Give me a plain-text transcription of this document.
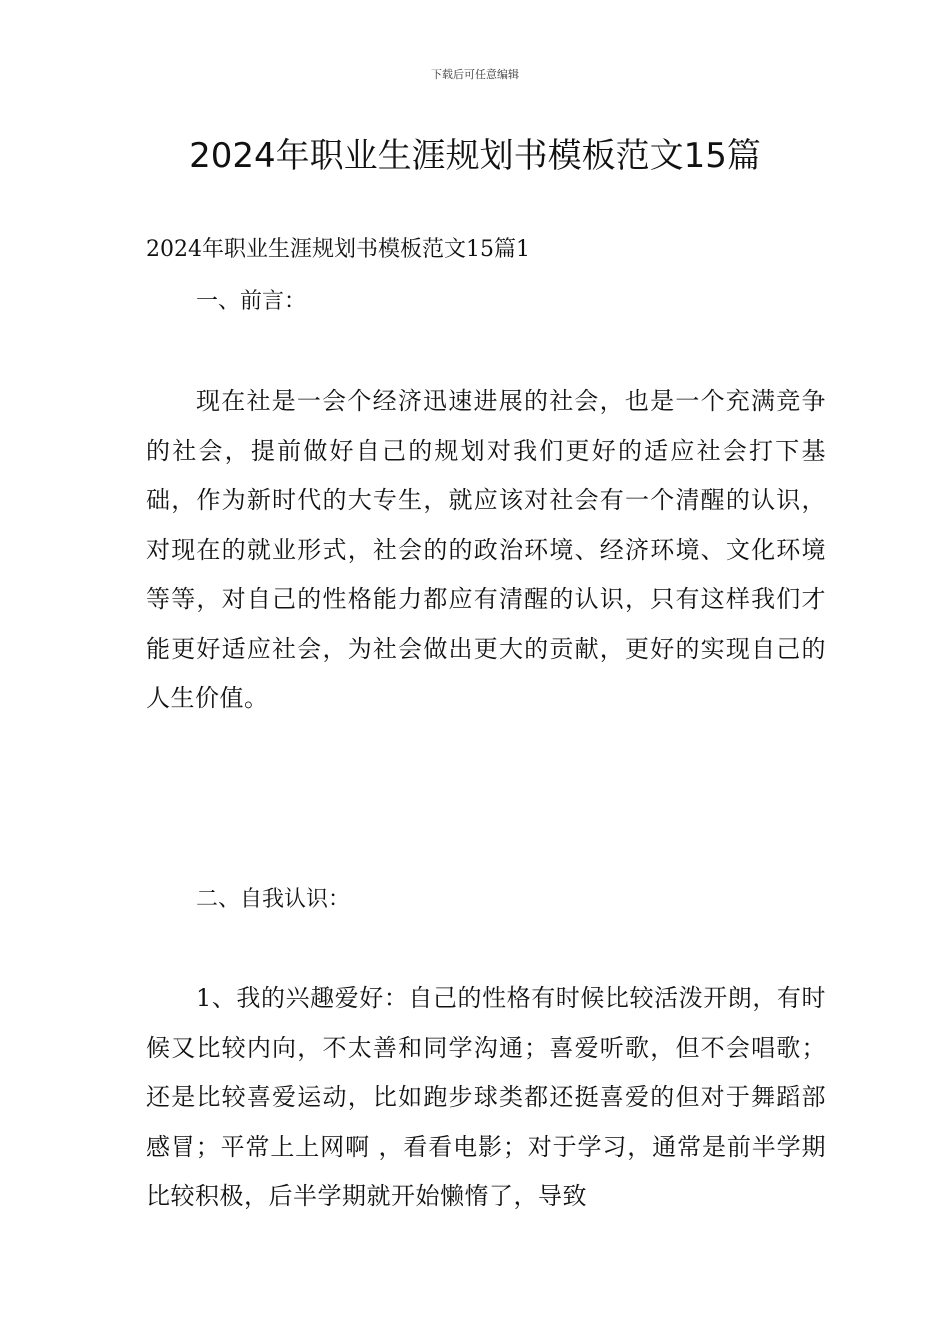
下载后可任意编辑
2024年职业生涯规划书模板范文15篇

2024年职业生涯规划书模板范文15篇1

一、前言：

现在社是一会个经济迅速进展的社会，也是一个充满竞争的社会，提前做好自己的规划对我们更好的适应社会打下基础，作为新时代的大专生，就应该对社会有一个清醒的认识，对现在的就业形式，社会的的政治环境、经济环境、文化环境等等，对自己的性格能力都应有清醒的认识，只有这样我们才能更好适应社会，为社会做出更大的贡献，更好的实现自己的人生价值。

二、自我认识：

1、我的兴趣爱好：自己的性格有时候比较活泼开朗，有时候又比较内向，不太善和同学沟通；喜爱听歌，但不会唱歌；还是比较喜爱运动，比如跑步球类都还挺喜爱的但对于舞蹈部感冒；平常上上网啊 ，看看电影；对于学习，通常是前半学期比较积极，后半学期就开始懒惰了，导致
